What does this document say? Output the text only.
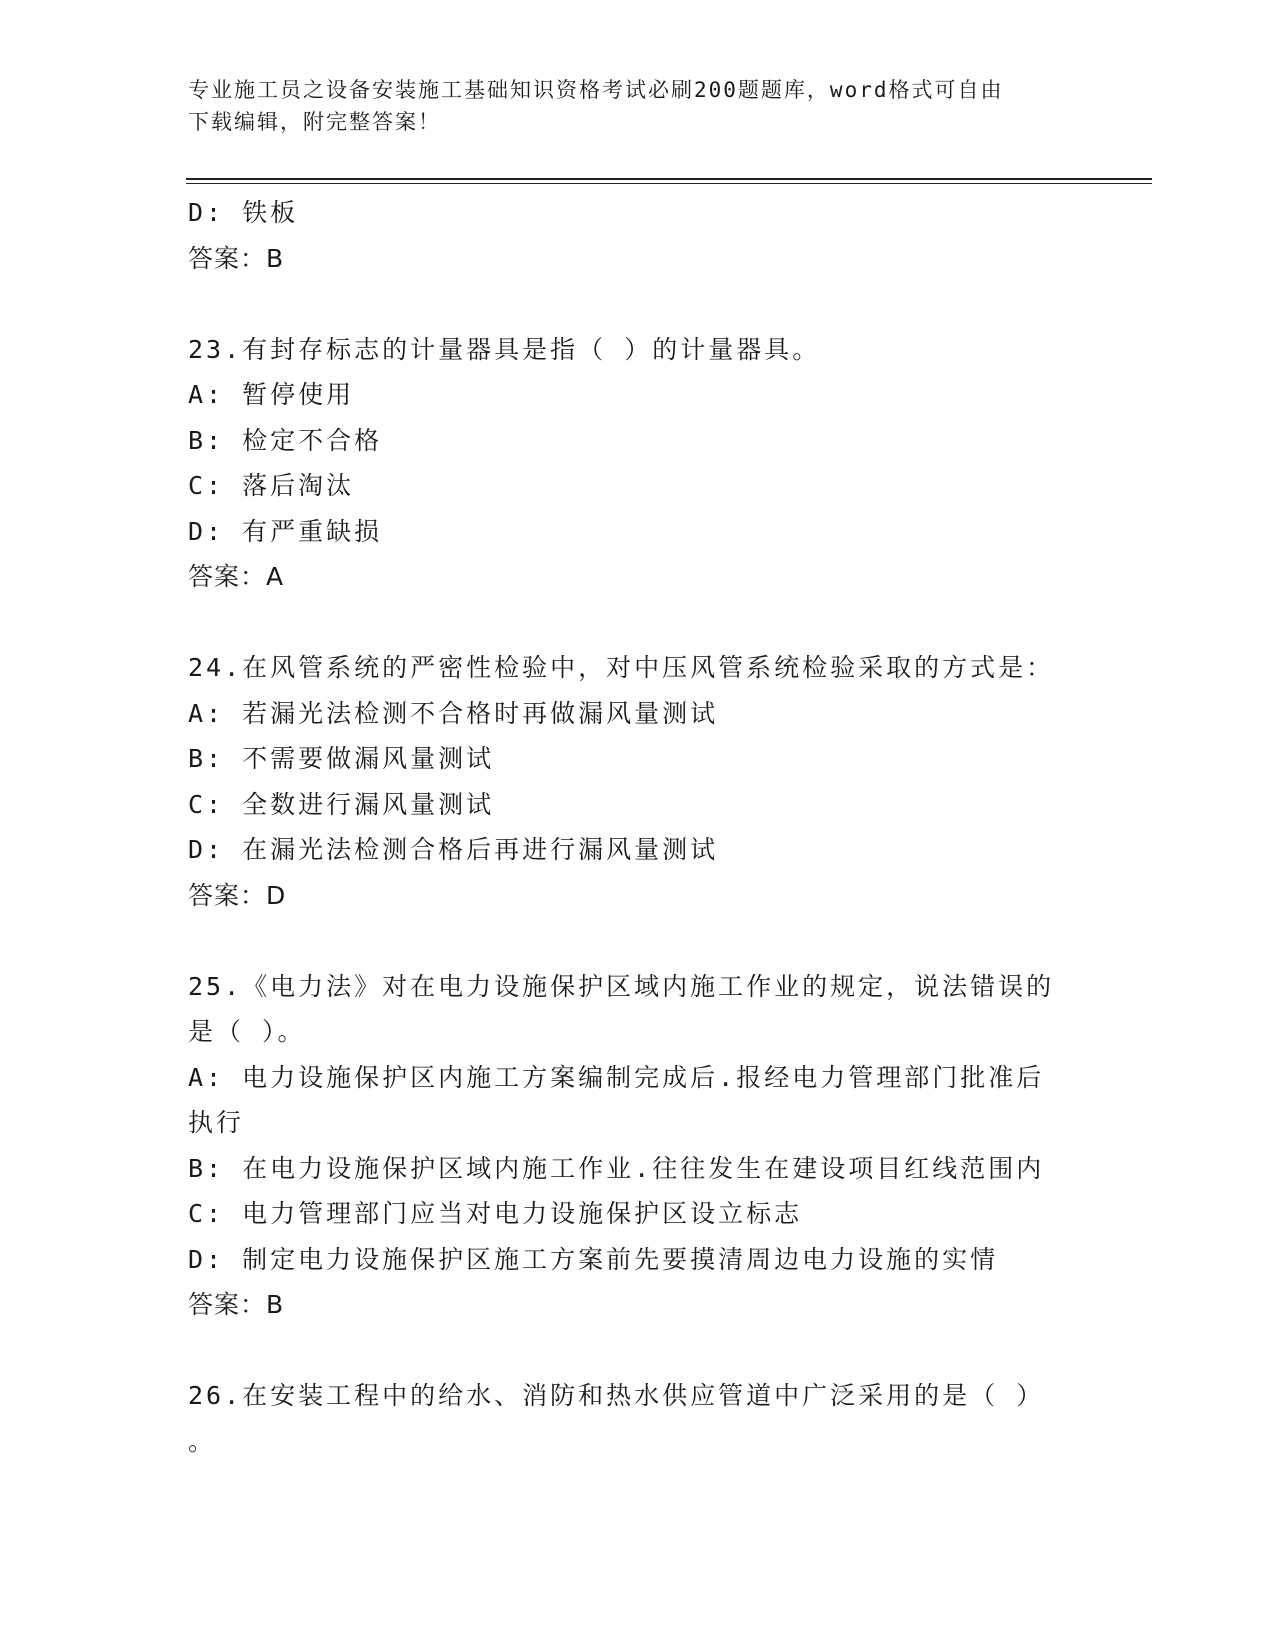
专业施工员之设备安装施工基础知识资格考试必刷200题题库，word格式可自由
下载编辑，附完整答案！
D: 铁板
答案：B
23.有封存标志的计量器具是指（ ）的计量器具。
A: 暂停使用
B: 检定不合格
C: 落后淘汰
D: 有严重缺损
答案：A
24.在风管系统的严密性检验中，对中压风管系统检验采取的方式是：
A: 若漏光法检测不合格时再做漏风量测试
B: 不需要做漏风量测试
C: 全数进行漏风量测试
D: 在漏光法检测合格后再进行漏风量测试
答案：D
25.《电力法》对在电力设施保护区域内施工作业的规定，说法错误的
是（ ）。
A: 电力设施保护区内施工方案编制完成后.报经电力管理部门批准后
执行
B: 在电力设施保护区域内施工作业.往往发生在建设项目红线范围内
C: 电力管理部门应当对电力设施保护区设立标志
D: 制定电力设施保护区施工方案前先要摸清周边电力设施的实情
答案：B
26.在安装工程中的给水、消防和热水供应管道中广泛采用的是（ ）
。
